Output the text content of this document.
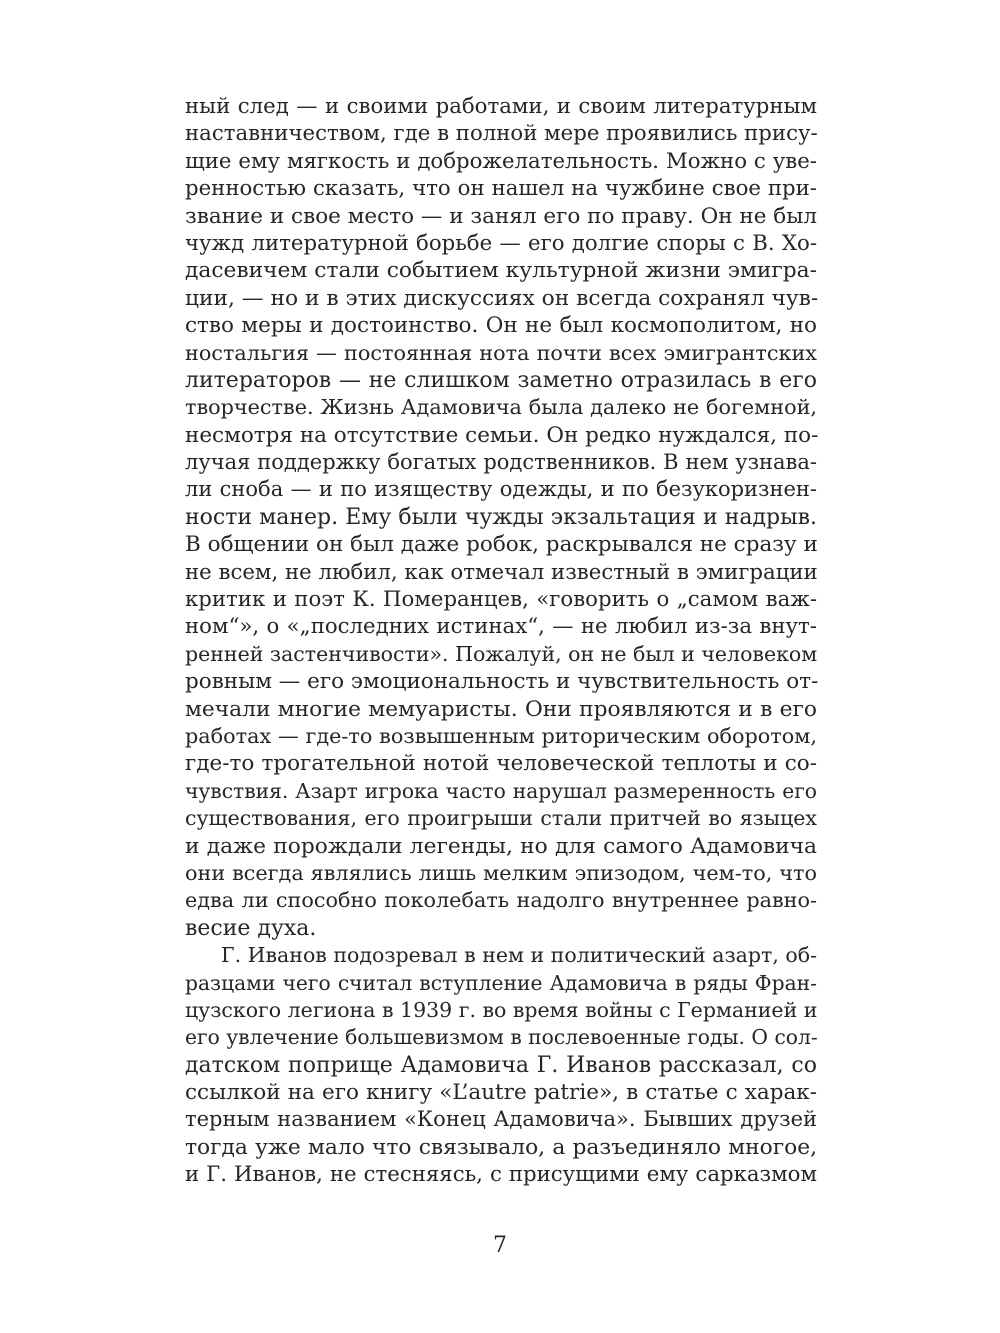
ный след — и своими работами, и своим литературным
наставничеством, где в полной мере проявились прису-
щие ему мягкость и доброжелательность. Можно с уве-
ренностью сказать, что он нашел на чужбине свое при-
звание и свое место — и занял его по праву. Он не был
чужд литературной борьбе — его долгие споры с В. Хо-
дасевичем стали событием культурной жизни эмигра-
ции, — но и в этих дискуссиях он всегда сохранял чув-
ство меры и достоинство. Он не был космополитом, но
ностальгия — постоянная нота почти всех эмигрантских
литераторов — не слишком заметно отразилась в его
творчестве. Жизнь Адамовича была далеко не богемной,
несмотря на отсутствие семьи. Он редко нуждался, по-
лучая поддержку богатых родственников. В нем узнава-
ли сноба — и по изяществу одежды, и по безукоризнен-
ности манер. Ему были чужды экзальтация и надрыв.
В общении он был даже робок, раскрывался не сразу и
не всем, не любил, как отмечал известный в эмиграции
критик и поэт К. Померанцев, «говорить о „самом важ-
ном“», о «„последних истинах“, — не любил из-за внут-
ренней застенчивости». Пожалуй, он не был и человеком
ровным — его эмоциональность и чувствительность от-
мечали многие мемуаристы. Они проявляются и в его
работах — где-то возвышенным риторическим оборотом,
где-то трогательной нотой человеческой теплоты и со-
чувствия. Азарт игрока часто нарушал размеренность его
существования, его проигрыши стали притчей во языцех
и даже порождали легенды, но для самого Адамовича
они всегда являлись лишь мелким эпизодом, чем-то, что
едва ли способно поколебать надолго внутреннее равно-
весие духа.
Г. Иванов подозревал в нем и политический азарт, об-
разцами чего считал вступление Адамовича в ряды Фран-
цузского легиона в 1939 г. во время войны с Германией и
его увлечение большевизмом в послевоенные годы. О сол-
датском поприще Адамовича Г. Иванов рассказал, со
ссылкой на его книгу «L’autre patrie», в статье с харак-
терным названием «Конец Адамовича». Бывших друзей
тогда уже мало что связывало, а разъединяло многое,
и Г. Иванов, не стесняясь, с присущими ему сарказмом
7
